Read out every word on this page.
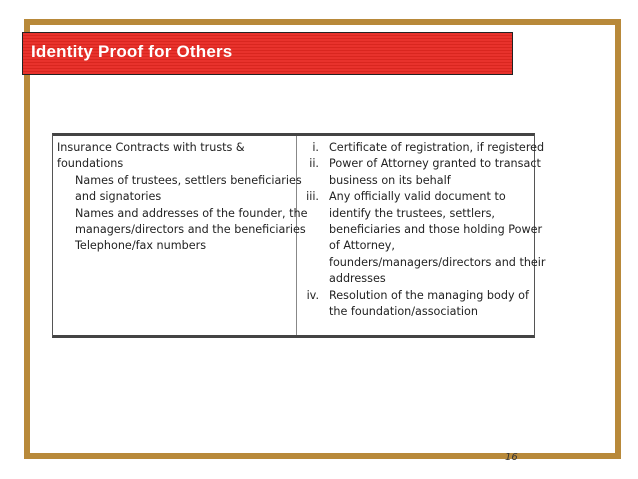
Identity Proof for Others
Insurance Contracts with trusts &
foundations
Names of trustees, settlers beneficiaries
and signatories
Names and addresses of the founder, the
managers/directors and the beneficiaries
Telephone/fax numbers
i. Certificate of registration, if registered
ii. Power of Attorney granted to transact
business on its behalf
iii. Any officially valid document to
identify the trustees, settlers,
beneficiaries and those holding Power
of Attorney,
founders/managers/directors and their
addresses
iv. Resolution of the managing body of
the foundation/association
16
